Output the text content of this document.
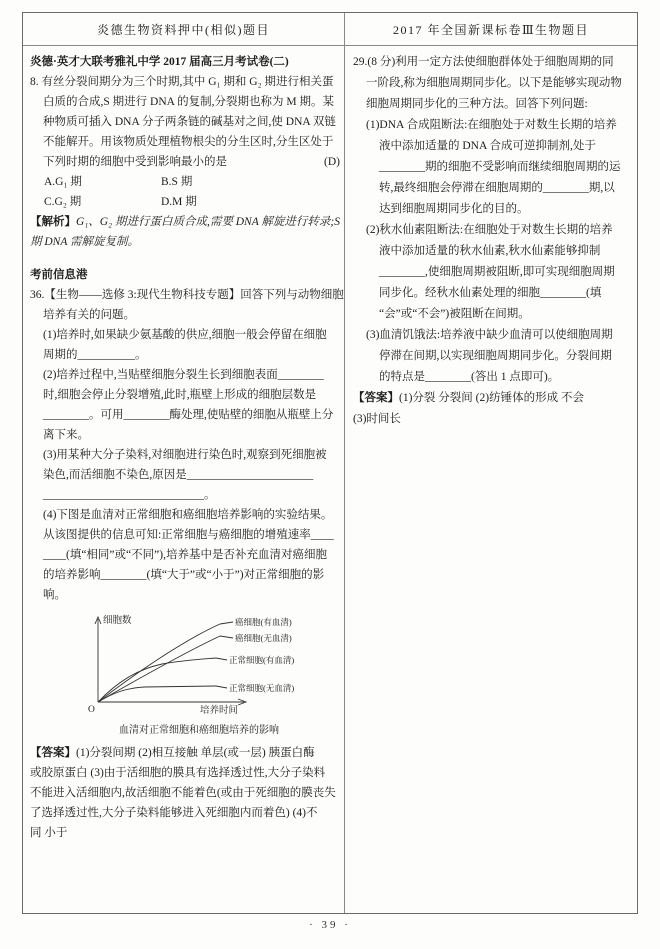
炎德生物资料押中(相似)题目	2017 年全国新课标卷Ⅲ生物题目
炎德·英才大联考雅礼中学 2017 届高三月考试卷(二)
8. 有丝分裂间期分为三个时期,其中 G₁ 期和 G₂ 期进行相关蛋
白质的合成,S 期进行 DNA 的复制,分裂期也称为 M 期。某
种物质可插入 DNA 分子两条链的碱基对之间,使 DNA 双链
不能解开。用该物质处理植物根尖的分生区时,分生区处于
下列时期的细胞中受到影响最小的是	(D)
A.G₁ 期	B.S 期
C.G₂ 期	D.M 期
【解析】G₁、G₂ 期进行蛋白质合成,需要 DNA 解旋进行转录;S
期 DNA 需解旋复制。
考前信息港
36.【生物——选修 3:现代生物科技专题】回答下列与动物细胞
培养有关的问题。
(1)培养时,如果缺少氨基酸的供应,细胞一般会停留在细胞
周期的__________。
(2)培养过程中,当贴壁细胞分裂生长到细胞表面________
时,细胞会停止分裂增殖,此时,瓶壁上形成的细胞层数是
________。可用________酶处理,使贴壁的细胞从瓶壁上分
离下来。
(3)用某种大分子染料,对细胞进行染色时,观察到死细胞被
染色,而活细胞不染色,原因是______________________
____________________________。
(4)下图是血清对正常细胞和癌细胞培养影响的实验结果。
从该图提供的信息可知:正常细胞与癌细胞的增殖速率____
____(填“相同”或“不同”),培养基中是否补充血清对癌细胞
的培养影响________(填“大于”或“小于”)对正常细胞的影
响。
细胞数
O	培养时间
癌细胞(有血清)
癌细胞(无血清)
正常细胞(有血清)
正常细胞(无血清)
血清对正常细胞和癌细胞培养的影响
【答案】(1)分裂间期 (2)相互接触 单层(或一层) 胰蛋白酶
或胶原蛋白 (3)由于活细胞的膜具有选择透过性,大分子染料
不能进入活细胞内,故活细胞不能着色(或由于死细胞的膜丧失
了选择透过性,大分子染料能够进入死细胞内而着色) (4)不
同 小于
29.(8 分)利用一定方法使细胞群体处于细胞周期的同
一阶段,称为细胞周期同步化。以下是能够实现动物
细胞周期同步化的三种方法。回答下列问题:
(1)DNA 合成阻断法:在细胞处于对数生长期的培养
液中添加适量的 DNA 合成可逆抑制剂,处于
________期的细胞不受影响而继续细胞周期的运
转,最终细胞会停滞在细胞周期的________期,以
达到细胞周期同步化的目的。
(2)秋水仙素阻断法:在细胞处于对数生长期的培养
液中添加适量的秋水仙素,秋水仙素能够抑制
________,使细胞周期被阻断,即可实现细胞周期
同步化。经秋水仙素处理的细胞________(填
“会”或“不会”)被阻断在间期。
(3)血清饥饿法:培养液中缺少血清可以使细胞周期
停滞在间期,以实现细胞周期同步化。分裂间期
的特点是________(答出 1 点即可)。
【答案】(1)分裂 分裂间 (2)纺锤体的形成 不会
(3)时间长
· 39 ·
